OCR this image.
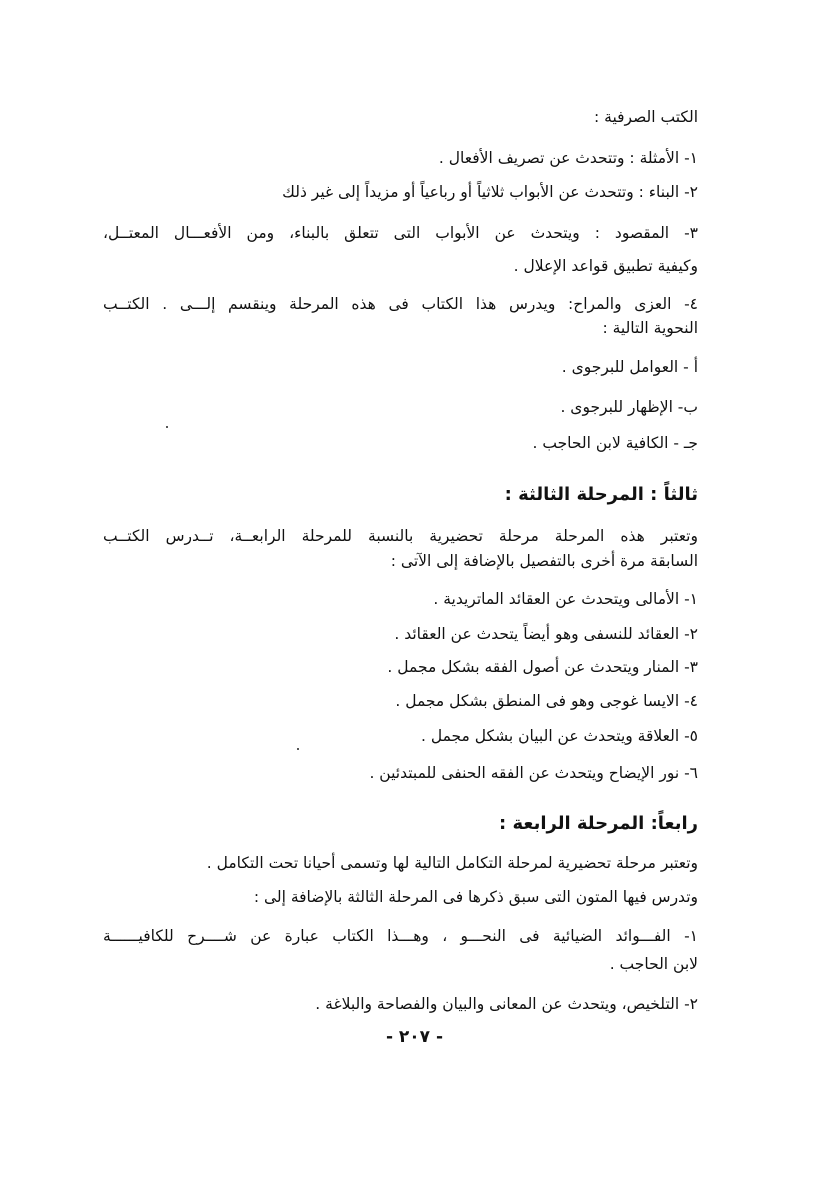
الكتب الصرفية :
١- الأمثلة : وتتحدث عن تصريف الأفعال .
٢- البناء : وتتحدث عن الأبواب ثلاثياً أو رباعياً أو مزيداً إلى غير ذلك
٣- المقصود : ويتحدث عن الأبواب التى تتعلق بالبناء، ومن الأفعـــال المعتــل،
وكيفية تطبيق قواعد الإعلال .
٤- العزى والمراح: ويدرس هذا الكتاب فى هذه المرحلة وينقسم إلـــى . الكتــب
النحوية التالية :
أ - العوامل للبرجوى .
ب- الإظهار للبرجوى .
جـ - الكافية لابن الحاجب .
ثالثاً : المرحلة الثالثة :
وتعتبر هذه المرحلة مرحلة تحضيرية بالنسبة للمرحلة الرابعــة، تــدرس الكتــب
السابقة مرة أخرى بالتفصيل بالإضافة إلى الآتى :
١- الأمالى ويتحدث عن العقائد الماتريدية .
٢- العقائد للنسفى وهو أيضاً يتحدث عن العقائد .
٣- المنار ويتحدث عن أصول الفقه بشكل مجمل .
٤- الايسا غوجى وهو فى المنطق بشكل مجمل .
٥- العلاقة ويتحدث عن البيان بشكل مجمل .
٦- نور الإيضاح ويتحدث عن الفقه الحنفى للمبتدئين .
رابعاً: المرحلة الرابعة :
وتعتبر مرحلة تحضيرية لمرحلة التكامل التالية لها وتسمى أحيانا تحت التكامل .
وتدرس فيها المتون التى سبق ذكرها فى المرحلة الثالثة بالإضافة إلى :
١- الفـــوائد الضيائية فى النحـــو ، وهـــذا الكتاب عبارة عن شــــرح للكافيــــــة
لابن الحاجب .
٢- التلخيص، ويتحدث عن المعانى والبيان والفصاحة والبلاغة .
- ٢٠٧ -
